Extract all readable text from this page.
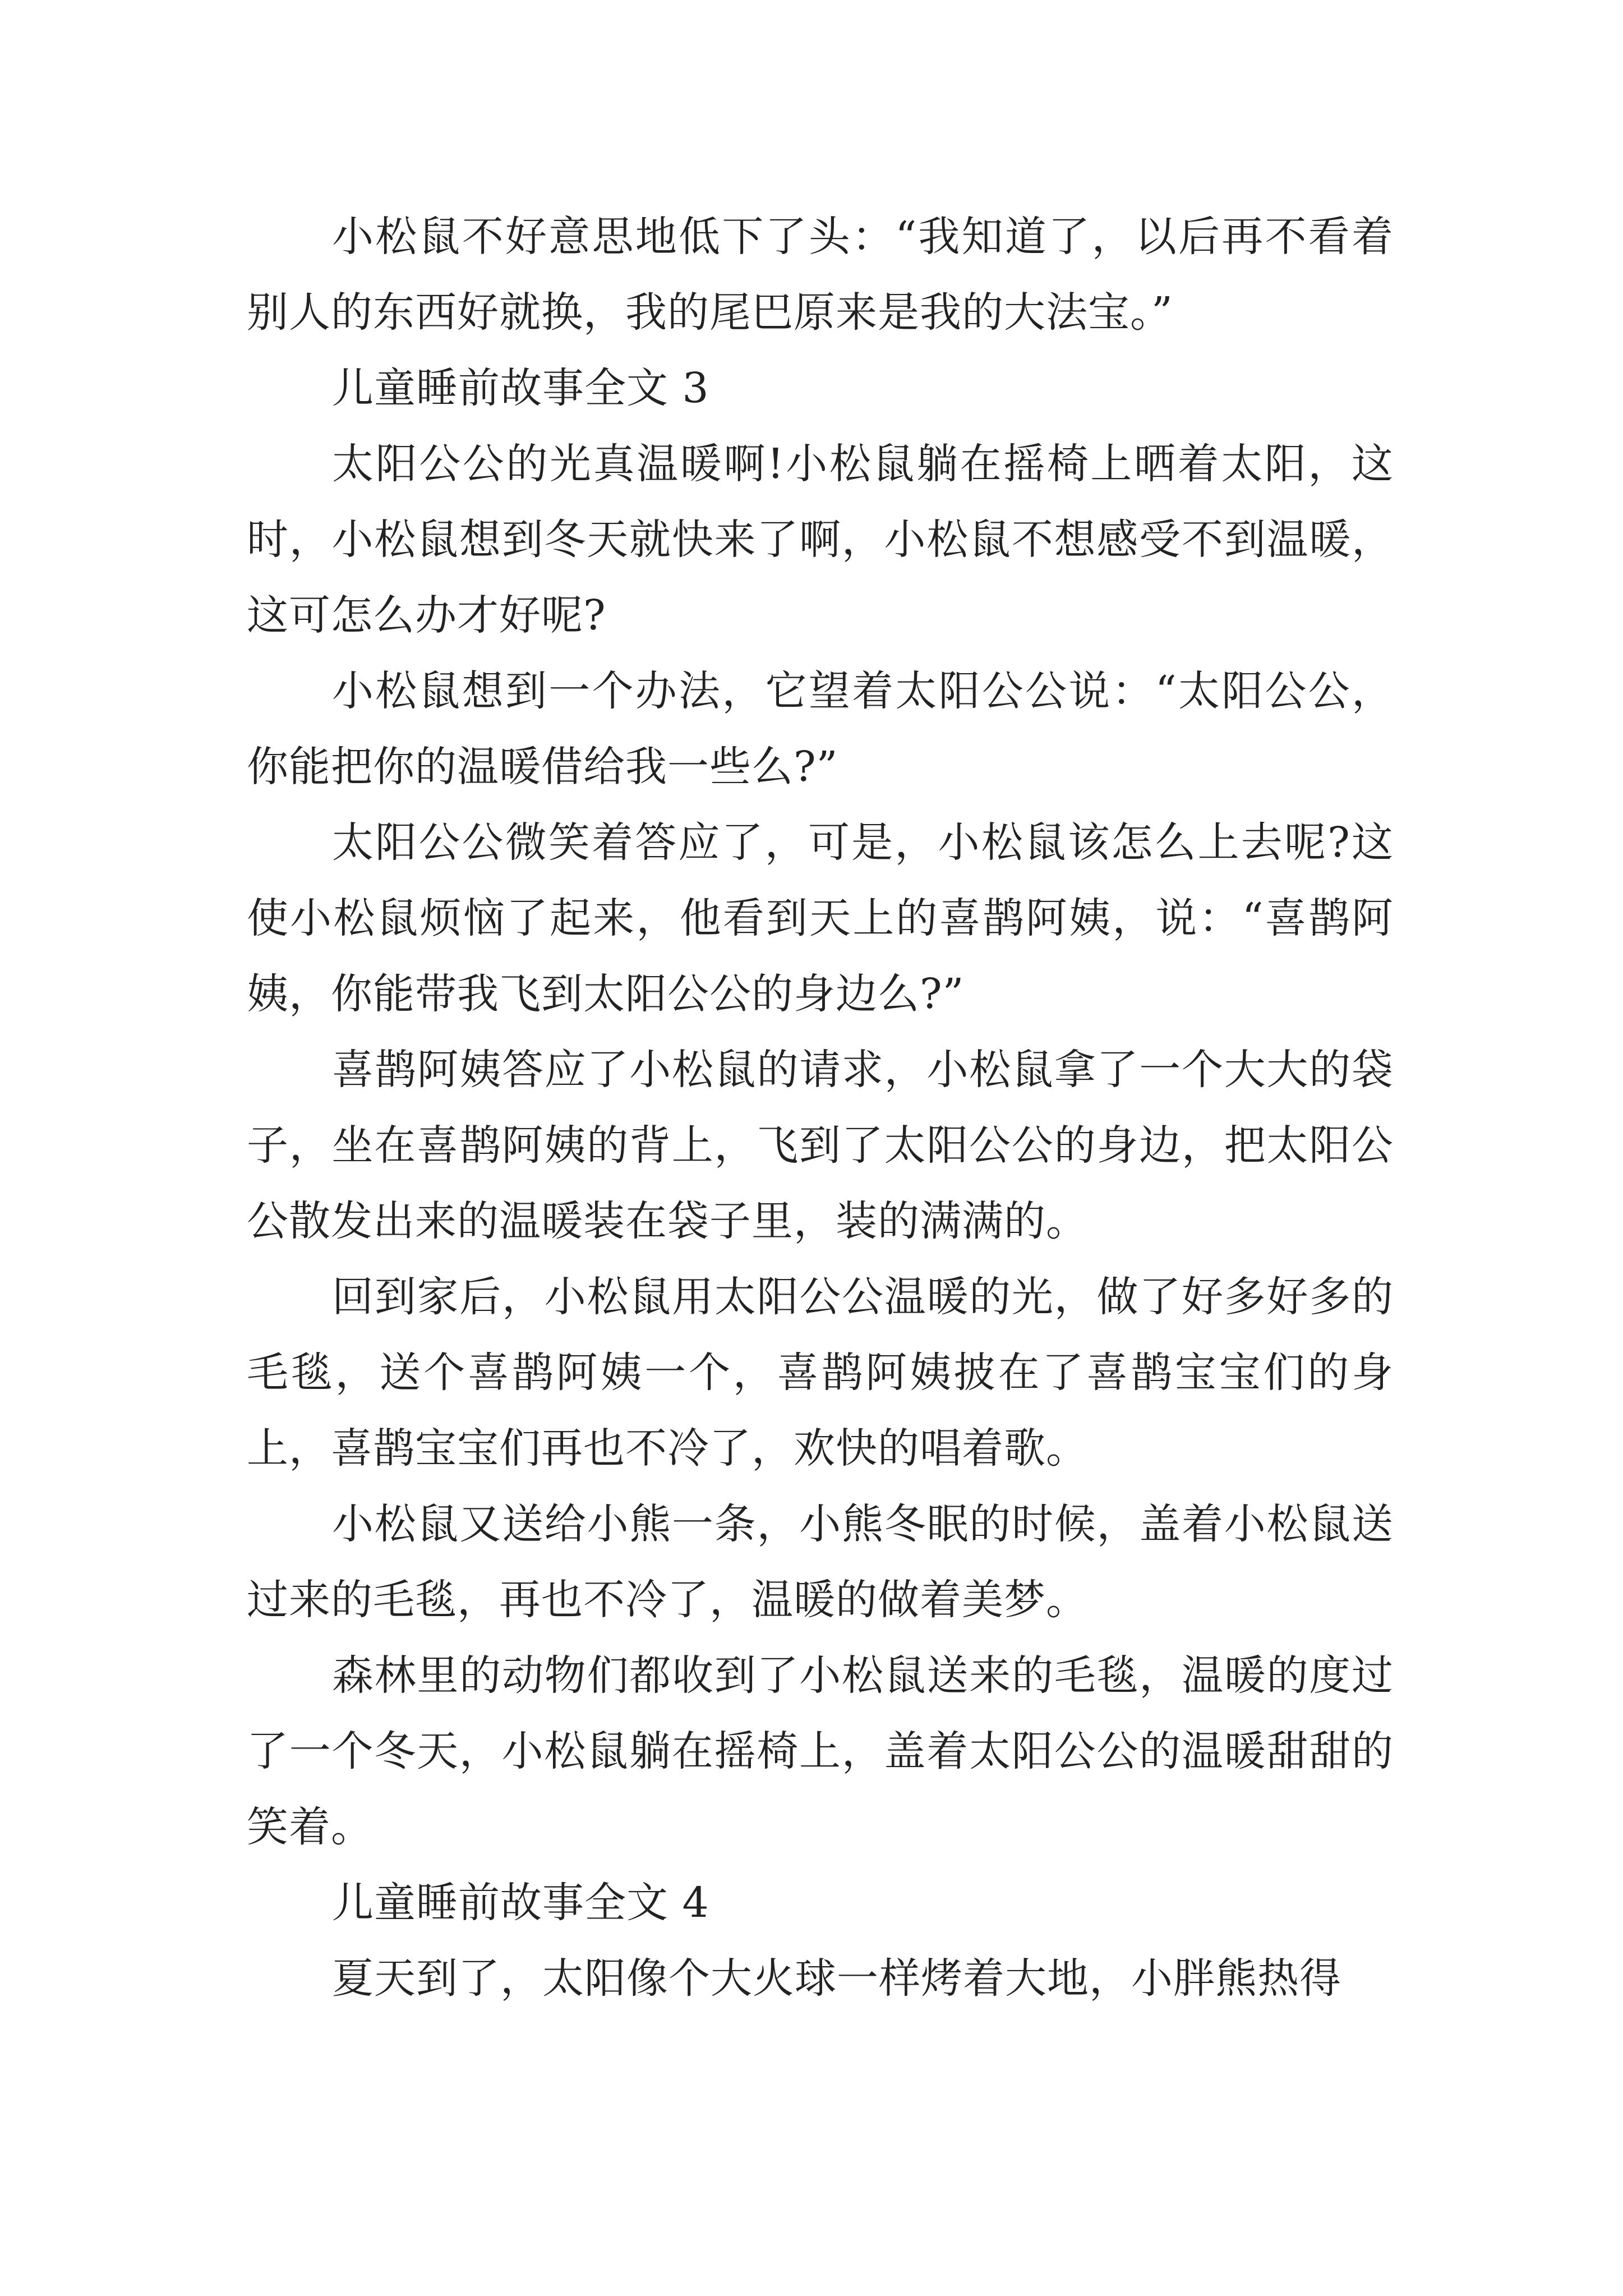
小松鼠不好意思地低下了头：“我知道了，以后再不看着别人的东西好就换，我的尾巴原来是我的大法宝。”

儿童睡前故事全文 3

太阳公公的光真温暖啊!小松鼠躺在摇椅上晒着太阳，这时，小松鼠想到冬天就快来了啊，小松鼠不想感受不到温暖，这可怎么办才好呢?

小松鼠想到一个办法，它望着太阳公公说：“太阳公公，你能把你的温暖借给我一些么?”

太阳公公微笑着答应了，可是，小松鼠该怎么上去呢?这使小松鼠烦恼了起来，他看到天上的喜鹊阿姨，说：“喜鹊阿姨，你能带我飞到太阳公公的身边么?”

喜鹊阿姨答应了小松鼠的请求，小松鼠拿了一个大大的袋子，坐在喜鹊阿姨的背上，飞到了太阳公公的身边，把太阳公公散发出来的温暖装在袋子里，装的满满的。

回到家后，小松鼠用太阳公公温暖的光，做了好多好多的毛毯，送个喜鹊阿姨一个，喜鹊阿姨披在了喜鹊宝宝们的身上，喜鹊宝宝们再也不冷了，欢快的唱着歌。

小松鼠又送给小熊一条，小熊冬眠的时候，盖着小松鼠送过来的毛毯，再也不冷了，温暖的做着美梦。

森林里的动物们都收到了小松鼠送来的毛毯，温暖的度过了一个冬天，小松鼠躺在摇椅上，盖着太阳公公的温暖甜甜的笑着。

儿童睡前故事全文 4

夏天到了，太阳像个大火球一样烤着大地，小胖熊热得
